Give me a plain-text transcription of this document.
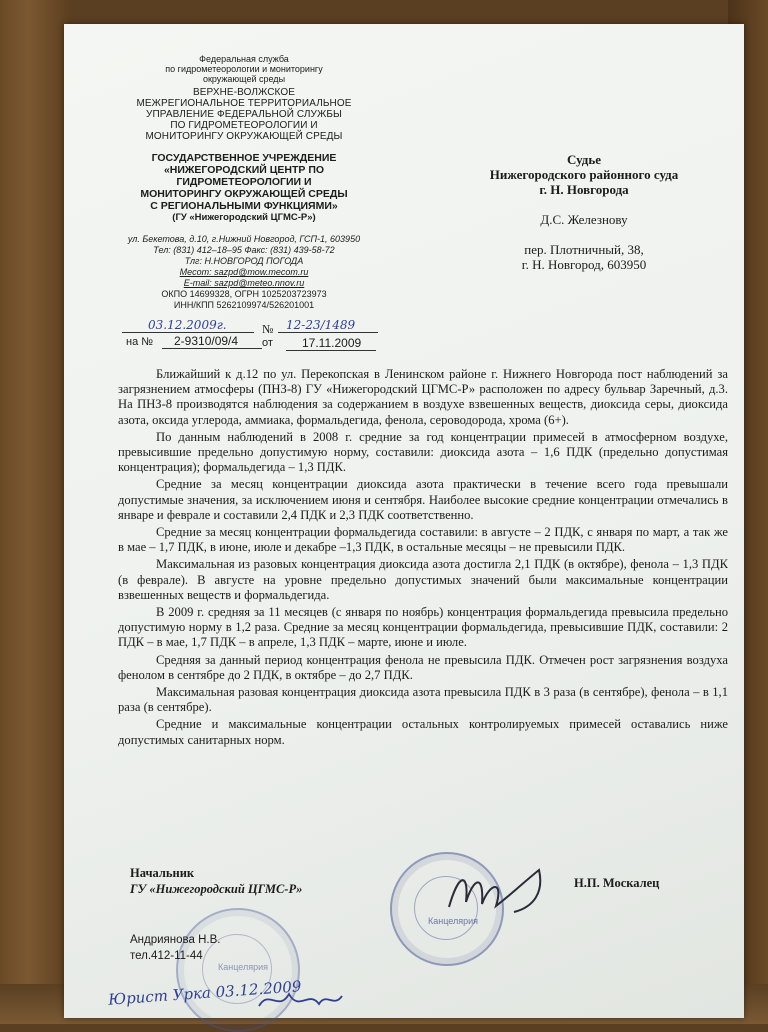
Федеральная служба
по гидрометеорологии и мониторингу
окружающей среды
ВЕРХНЕ-ВОЛЖСКОЕ
МЕЖРЕГИОНАЛЬНОЕ ТЕРРИТОРИАЛЬНОЕ
УПРАВЛЕНИЕ ФЕДЕРАЛЬНОЙ СЛУЖБЫ
ПО ГИДРОМЕТЕОРОЛОГИИ И
МОНИТОРИНГУ ОКРУЖАЮЩЕЙ СРЕДЫ
ГОСУДАРСТВЕННОЕ УЧРЕЖДЕНИЕ
«НИЖЕГОРОДСКИЙ ЦЕНТР ПО
ГИДРОМЕТЕОРОЛОГИИ И
МОНИТОРИНГУ ОКРУЖАЮЩЕЙ СРЕДЫ
С РЕГИОНАЛЬНЫМИ ФУНКЦИЯМИ»
(ГУ «Нижегородский ЦГМС-Р»)
ул. Бекетова, д.10, г.Нижний Новгород, ГСП-1, 603950
Тел: (831) 412–18–95 Факс: (831) 439-58-72
Тлг: Н.НОВГОРОД ПОГОДА
Mecom: sazpd@mow.mecom.ru
E-mail: sazpd@meteo.nnov.ru
ОКПО 14699328, ОГРН 1025203723973
ИНН/КПП 5262109974/526201001
03.12.2009г.	№ 12-23/1489
на № 2-9310/09/4 от 17.11.2009
Судье
Нижегородского районного суда
г. Н. Новгорода
Д.С. Железнову
пер. Плотничный, 38,
г. Н. Новгород, 603950

Ближайший к д.12 по ул. Перекопская в Ленинском районе г. Нижнего Новгорода пост наблюдений за загрязнением атмосферы (ПНЗ-8) ГУ «Нижегородский ЦГМС-Р» расположен по адресу бульвар Заречный, д.3. На ПНЗ-8 производятся наблюдения за содержанием в воздухе взвешенных веществ, диоксида серы, диоксида азота, оксида углерода, аммиака, формальдегида, фенола, сероводорода, хрома (6+).

По данным наблюдений в 2008 г. средние за год концентрации примесей в атмосферном воздухе, превысившие предельно допустимую норму, составили: диоксида азота – 1,6 ПДК (предельно допустимая концентрация); формальдегида – 1,3 ПДК.

Средние за месяц концентрации диоксида азота практически в течение всего года превышали допустимые значения, за исключением июня и сентября. Наиболее высокие средние концентрации отмечались в январе и феврале и составили 2,4 ПДК и 2,3 ПДК соответственно.

Средние за месяц концентрации формальдегида составили: в августе – 2 ПДК, с января по март, а так же в мае – 1,7 ПДК, в июне, июле и декабре –1,3 ПДК, в остальные месяцы – не превысили ПДК.

Максимальная из разовых концентрация диоксида азота достигла 2,1 ПДК (в октябре), фенола – 1,3 ПДК (в феврале). В августе на уровне предельно допустимых значений были максимальные концентрации взвешенных веществ и формальдегида.

В 2009 г. средняя за 11 месяцев (с января по ноябрь) концентрация формальдегида превысила предельно допустимую норму в 1,2 раза. Средние за месяц концентрации формальдегида, превысившие ПДК, составили: 2 ПДК – в мае, 1,7 ПДК – в апреле, 1,3 ПДК – марте, июне и июле.

Средняя за данный период концентрация фенола не превысила ПДК. Отмечен рост загрязнения воздуха фенолом в сентябре до 2 ПДК, в октябре – до 2,7 ПДК.

Максимальная разовая концентрация диоксида азота превысила ПДК в 3 раза (в сентябре), фенола – в 1,1 раза (в сентябре).

Средние и максимальные концентрации остальных контролируемых примесей оставались ниже допустимых санитарных норм.

Канцелярия
Начальник
ГУ «Нижегородский ЦГМС-Р»	Н.П. Москалец
Канцелярия
Андриянова Н.В.
тел.412-11-44
Юрист Урка 03.12.2009
